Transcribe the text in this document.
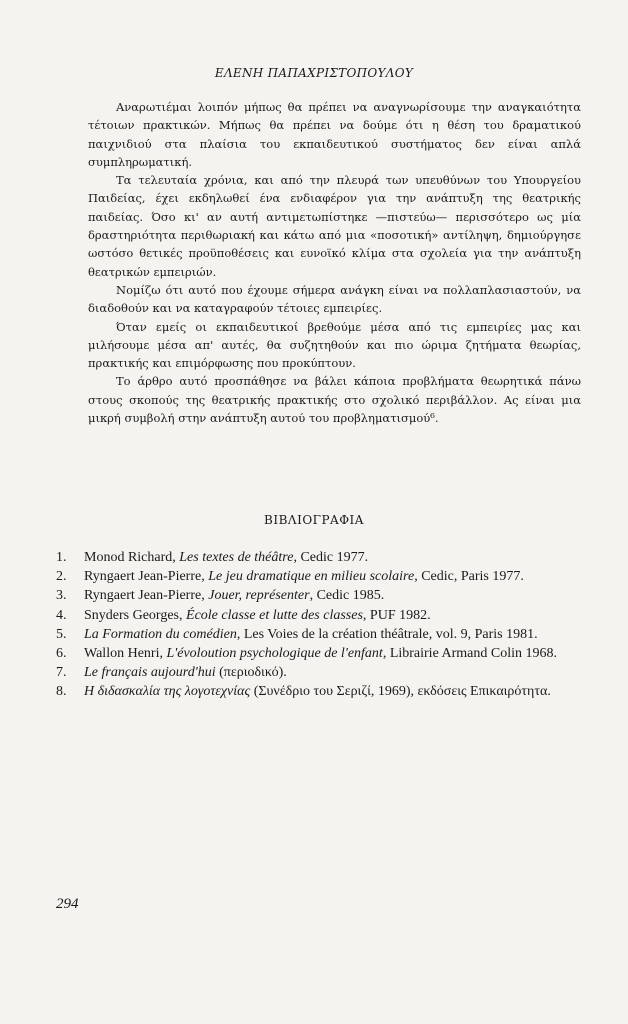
ΕΛΕΝΗ ΠΑΠΑΧΡΙΣΤΟΠΟΥΛΟΥ

Αναρωτιέμαι λοιπόν μήπως θα πρέπει να αναγνωρίσουμε την αναγκαιότητα τέτοιων πρακτικών. Μήπως θα πρέπει να δούμε ότι η θέση του δραματικού παιχνιδιού στα πλαίσια του εκπαιδευτικού συστήματος δεν είναι απλά συμπληρωματική.

Τα τελευταία χρόνια, και από την πλευρά των υπευθύνων του Υπουργείου Παιδείας, έχει εκδηλωθεί ένα ενδιαφέρον για την ανάπτυξη της θεατρικής παιδείας. Όσο κι' αν αυτή αντιμετωπίστηκε —πιστεύω— περισσότερο ως μία δραστηριότητα περιθωριακή και κάτω από μια «ποσοτική» αντίληψη, δημιούργησε ωστόσο θετικές προϋποθέσεις και ευνοϊκό κλίμα στα σχολεία για την ανάπτυξη θεατρικών εμπειριών.

Νομίζω ότι αυτό που έχουμε σήμερα ανάγκη είναι να πολλαπλασιαστούν, να διαδοθούν και να καταγραφούν τέτοιες εμπειρίες.

Όταν εμείς οι εκπαιδευτικοί βρεθούμε μέσα από τις εμπειρίες μας και μιλήσουμε μέσα απ' αυτές, θα συζητηθούν και πιο ώριμα ζητήματα θεωρίας, πρακτικής και επιμόρφωσης που προκύπτουν.

Το άρθρο αυτό προσπάθησε να βάλει κάποια προβλήματα θεωρητικά πάνω στους σκοπούς της θεατρικής πρακτικής στο σχολικό περιβάλλον. Ας είναι μια μικρή συμβολή στην ανάπτυξη αυτού του προβληματισμού⁶.

ΒΙΒΛΙΟΓΡΑΦΙΑ
1.	Monod Richard, Les textes de théâtre, Cedic 1977.
2.	Ryngaert Jean-Pierre, Le jeu dramatique en milieu scolaire, Cedic, Paris 1977.
3.	Ryngaert Jean-Pierre, Jouer, représenter, Cedic 1985.
4.	Snyders Georges, École classe et lutte des classes, PUF 1982.
5.	La Formation du comédien, Les Voies de la création théâtrale, vol. 9, Paris 1981.
6.	Wallon Henri, L'évoloution psychologique de l'enfant, Librairie Armand Colin 1968.
7.	Le français aujourd'hui (περιοδικό).
8.	Η διδασκαλία της λογοτεχνίας (Συνέδριο του Σεριζί, 1969), εκδόσεις Επικαιρότητα.
294
